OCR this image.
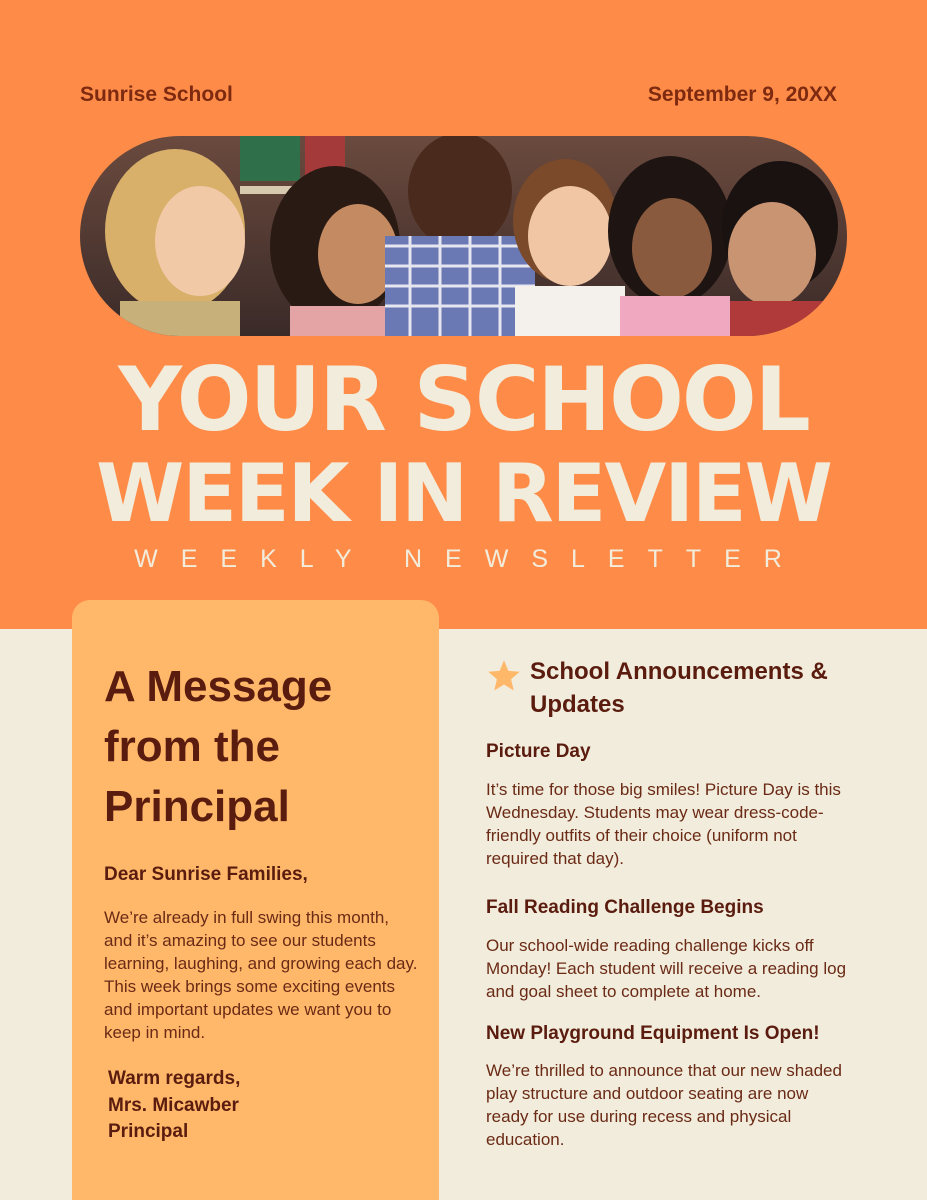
Sunrise School	September 9, 20XX
YOUR SCHOOL
WEEK IN REVIEW
WEEKLY NEWSLETTER
A Message from the Principal
Dear Sunrise Families,
We’re already in full swing this month, and it’s amazing to see our students learning, laughing, and growing each day. This week brings some exciting events and important updates we want you to keep in mind.
Warm regards,
Mrs. Micawber
Principal
School Announcements & Updates
Picture Day
It’s time for those big smiles! Picture Day is this Wednesday. Students may wear dress-code-friendly outfits of their choice (uniform not required that day).
Fall Reading Challenge Begins
Our school-wide reading challenge kicks off Monday! Each student will receive a reading log and goal sheet to complete at home.
New Playground Equipment Is Open!
We’re thrilled to announce that our new shaded play structure and outdoor seating are now ready for use during recess and physical education.
